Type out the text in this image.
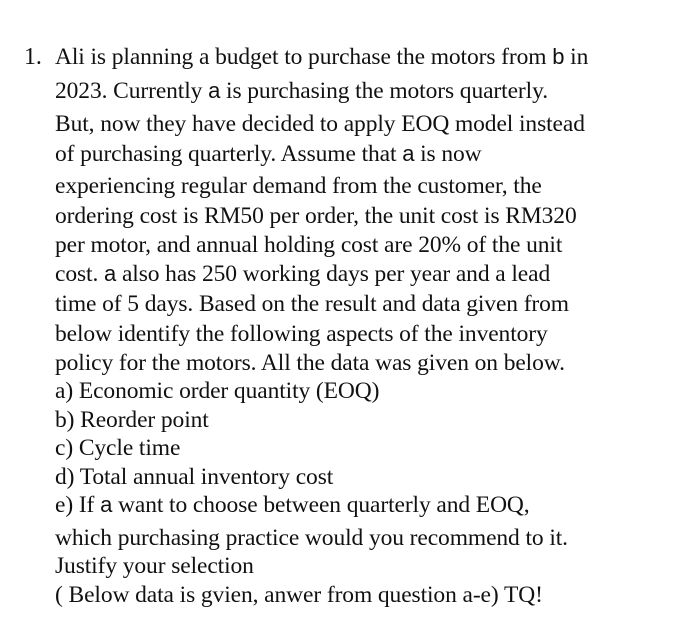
1. Ali is planning a budget to purchase the motors from b in
2023. Currently a is purchasing the motors quarterly.
But, now they have decided to apply EOQ model instead
of purchasing quarterly. Assume that a is now
experiencing regular demand from the customer, the
ordering cost is RM50 per order, the unit cost is RM320
per motor, and annual holding cost are 20% of the unit
cost. a also has 250 working days per year and a lead
time of 5 days. Based on the result and data given from
below identify the following aspects of the inventory
policy for the motors. All the data was given on below.
a) Economic order quantity (EOQ)
b) Reorder point
c) Cycle time
d) Total annual inventory cost
e) If a want to choose between quarterly and EOQ,
which purchasing practice would you recommend to it.
Justify your selection
( Below data is gvien, anwer from question a-e) TQ!
